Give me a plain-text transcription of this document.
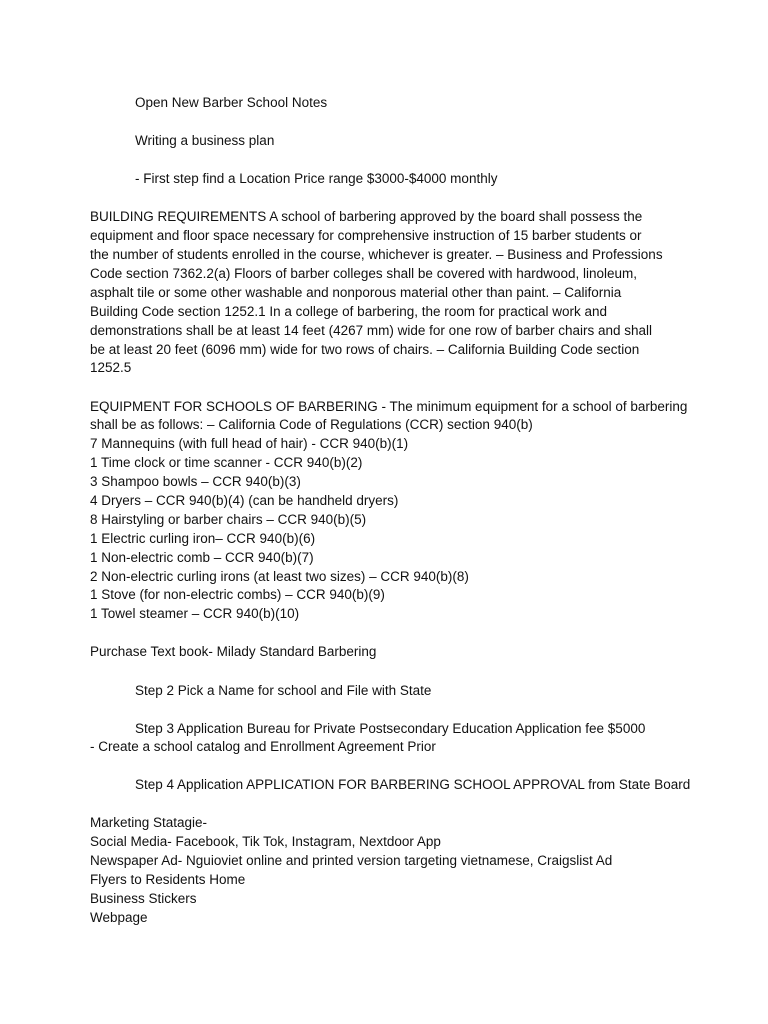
Open New Barber School Notes
Writing a business plan
- First step find a Location Price range $3000-$4000 monthly
BUILDING REQUIREMENTS A school of barbering approved by the board shall possess the
equipment and floor space necessary for comprehensive instruction of 15 barber students or
the number of students enrolled in the course, whichever is greater. – Business and Professions
Code section 7362.2(a) Floors of barber colleges shall be covered with hardwood, linoleum,
asphalt tile or some other washable and nonporous material other than paint. – California
Building Code section 1252.1 In a college of barbering, the room for practical work and
demonstrations shall be at least 14 feet (4267 mm) wide for one row of barber chairs and shall
be at least 20 feet (6096 mm) wide for two rows of chairs. – California Building Code section
1252.5
EQUIPMENT FOR SCHOOLS OF BARBERING - The minimum equipment for a school of barbering
shall be as follows: – California Code of Regulations (CCR) section 940(b)
7 Mannequins (with full head of hair) - CCR 940(b)(1)
1 Time clock or time scanner - CCR 940(b)(2)
3 Shampoo bowls – CCR 940(b)(3)
4 Dryers – CCR 940(b)(4) (can be handheld dryers)
8 Hairstyling or barber chairs – CCR 940(b)(5)
1 Electric curling iron– CCR 940(b)(6)
1 Non-electric comb – CCR 940(b)(7)
2 Non-electric curling irons (at least two sizes) – CCR 940(b)(8)
1 Stove (for non-electric combs) – CCR 940(b)(9)
1 Towel steamer – CCR 940(b)(10)
Purchase Text book- Milady Standard Barbering
Step 2 Pick a Name for school and File with State
Step 3 Application Bureau for Private Postsecondary Education Application fee $5000
- Create a school catalog and Enrollment Agreement Prior
Step 4 Application APPLICATION FOR BARBERING SCHOOL APPROVAL from State Board
Marketing Statagie-
Social Media- Facebook, Tik Tok, Instagram, Nextdoor App
Newspaper Ad- Nguioviet online and printed version targeting vietnamese, Craigslist Ad
Flyers to Residents Home
Business Stickers
Webpage
